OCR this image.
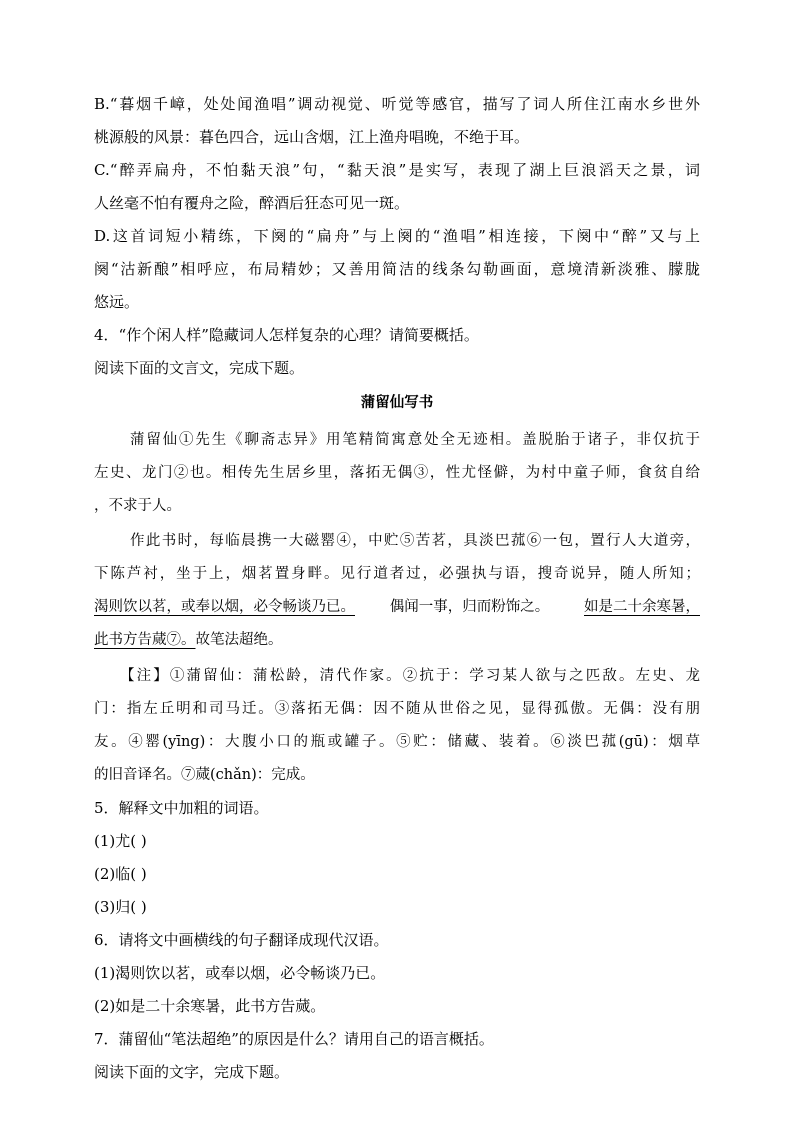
B.“暮烟千嶂，处处闻渔唱”调动视觉、听觉等感官，描写了词人所住江南水乡世外
桃源般的风景：暮色四合，远山含烟，江上渔舟唱晚，不绝于耳。
C.“醉弄扁舟，不怕黏天浪”句，“黏天浪”是实写，表现了湖上巨浪滔天之景，词
人丝毫不怕有覆舟之险，醉酒后狂态可见一斑。
D.这首词短小精练，下阕的“扁舟”与上阕的“渔唱”相连接，下阕中“醉”又与上
阕“沽新酿”相呼应，布局精妙；又善用简洁的线条勾勒画面，意境清新淡雅、朦胧
悠远。
4．“作个闲人样”隐藏词人怎样复杂的心理？请简要概括。
阅读下面的文言文，完成下题。
蒲留仙写书
蒲留仙①先生《聊斋志异》用笔精简寓意处全无迹相。盖脱胎于诸子，非仅抗于
左史、龙门②也。相传先生居乡里，落拓无偶③，性尤怪僻，为村中童子师，食贫自给
，不求于人。
作此书时，每临晨携一大磁罂④，中贮⑤苦茗，具淡巴菰⑥一包，置行人大道旁，
下陈芦衬，坐于上，烟茗置身畔。见行道者过，必强执与语，搜奇说异，随人所知；
渴则饮以茗，或奉以烟，必令畅谈乃已。 偶闻一事，归而粉饰之。 如是二十余寒暑，
此书方告蒇⑦。故笔法超绝。
【注】①蒲留仙：蒲松龄，清代作家。②抗于：学习某人欲与之匹敌。左史、龙
门：指左丘明和司马迁。③落拓无偶：因不随从世俗之见，显得孤傲。无偶：没有朋
友。④罂(yīng)：大腹小口的瓶或罐子。⑤贮：储藏、装着。⑥淡巴菰(gū)：烟草
的旧音译名。⑦蒇(chǎn)：完成。
5．解释文中加粗的词语。
(1)尤( )
(2)临( )
(3)归( )
6．请将文中画横线的句子翻译成现代汉语。
(1)渴则饮以茗，或奉以烟，必令畅谈乃已。
(2)如是二十余寒暑，此书方告蒇。
7．蒲留仙“笔法超绝”的原因是什么？请用自己的语言概括。
阅读下面的文字，完成下题。
